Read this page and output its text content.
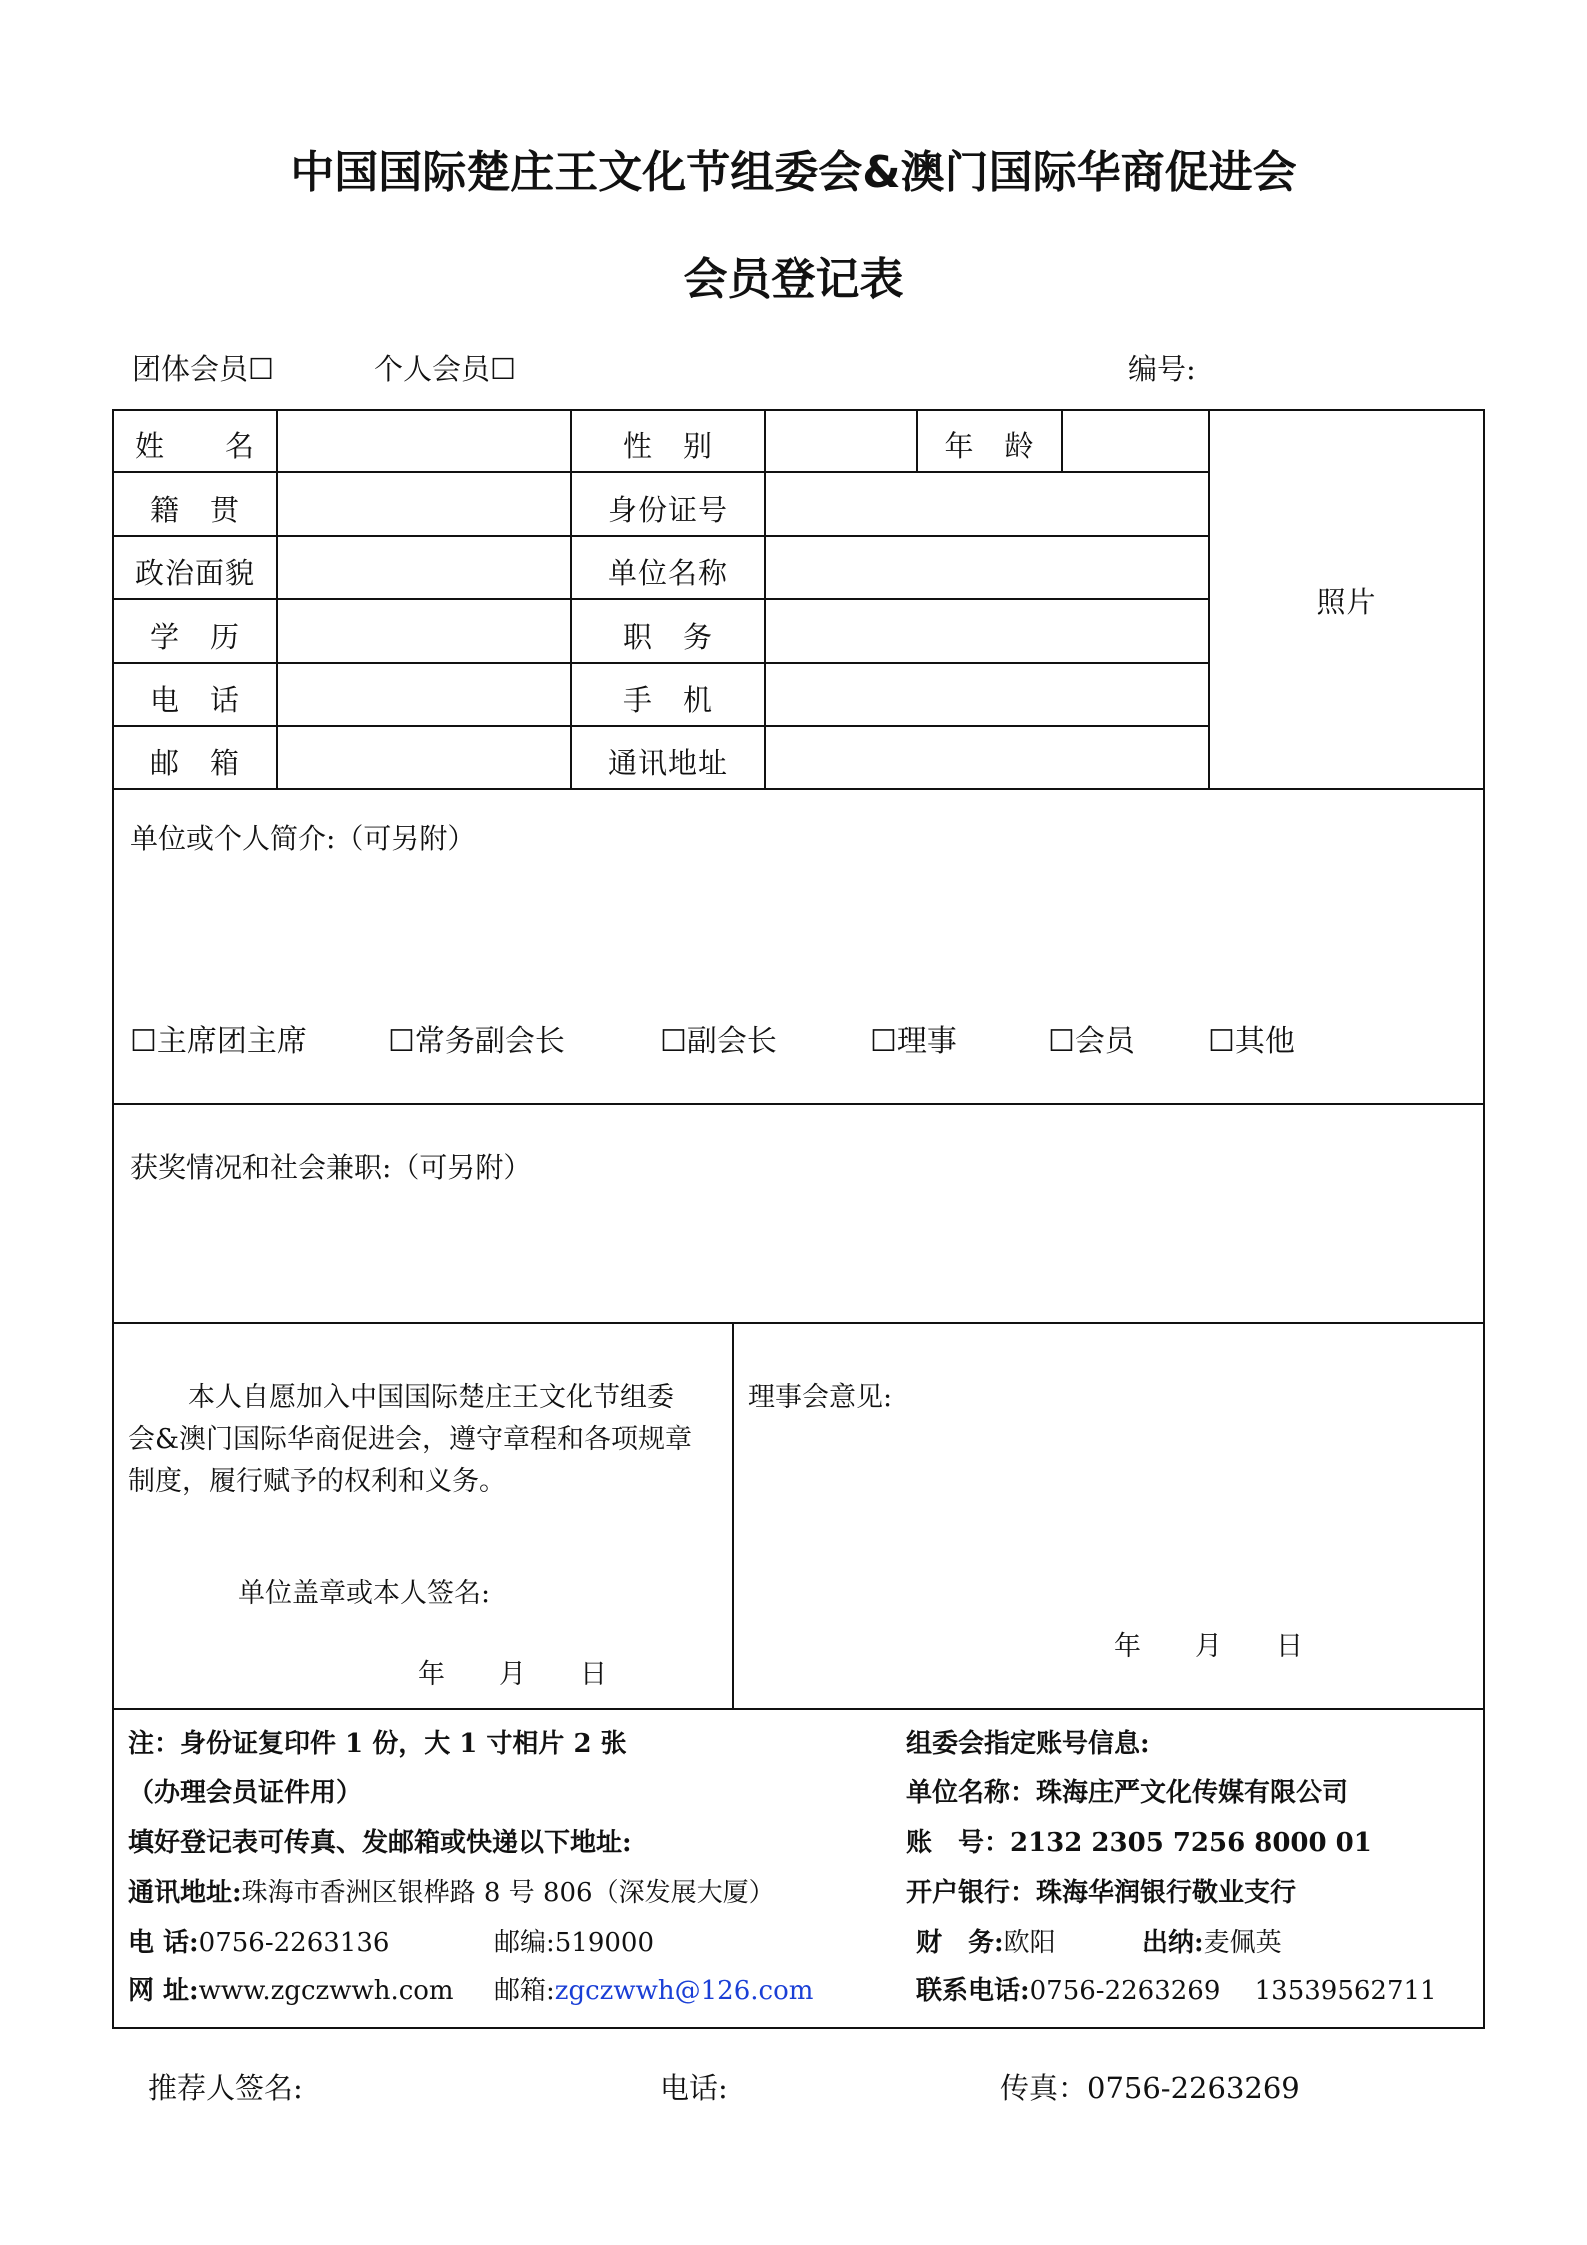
中国国际楚庄王文化节组委会&澳门国际华商促进会
会员登记表
团体会员☐	个人会员☐	编号:
姓　　名	性　别	年　龄
籍　贯	身份证号
政治面貌	单位名称
学　历	职　务
电　话	手　机
邮　箱	通讯地址
照片
单位或个人简介:（可另附）
☐主席团主席	☐常务副会长	☐副会长	☐理事	☐会员 ☐其他
获奖情况和社会兼职:（可另附）
本人自愿加入中国国际楚庄王文化节组委
会&澳门国际华商促进会，遵守章程和各项规章
制度，履行赋予的权利和义务。
单位盖章或本人签名:
年　　月　　日
理事会意见:
年　　月　　日
注：身份证复印件 1 份，大 1 寸相片 2 张
（办理会员证件用）
填好登记表可传真、发邮箱或快递以下地址:
通讯地址:珠海市香洲区银桦路 8 号 806（深发展大厦）
电 话:0756-2263136	邮编:519000
网 址:www.zgczwwh.com 邮箱:zgczwwh@126.com
组委会指定账号信息:
单位名称：珠海庄严文化传媒有限公司
账　号：2132 2305 7256 8000 01
开户银行：珠海华润银行敬业支行
财　务:欧阳	出纳:麦佩英
联系电话:0756-2263269　 13539562711
推荐人签名:	电话:	传真：0756-2263269
